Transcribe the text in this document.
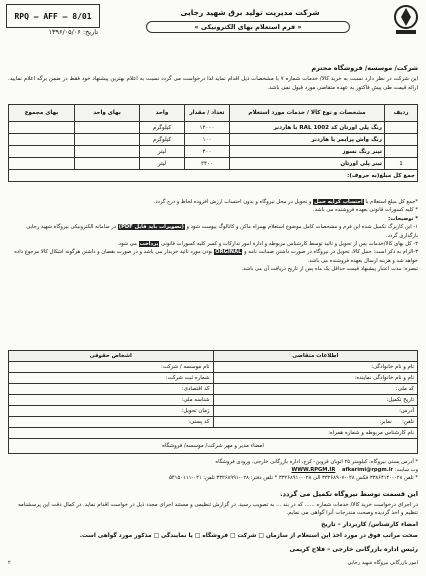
RPQ – AFF – 8/01
تاریخ: ۱۳۹۶/۰۵/۰۶
شرکت مدیریت تولید برق شهید رجایی
« فرم استعلام بهای الکترونیکی »
شرکت/ موسسه/ فروشگاه محترم
این شرکت در نظر دارد نسبت به خرید کالا/ خدمات شماره ۷ با مشخصات ذیل اقدام نماید لذا درخواست می گردد نسبت به اعلام بهترین پیشنهاد خود فقط در ضمن برگه اعلام نمایید. ارائه قیمت طی پیش فاکتور به عهده متقاضی مورد قبول نمی باشد.
ردیف	مشخصات و نوع کالا / خدمات مورد استعلام	تعداد / مقدار	واحد	بهای واحد	بهای مجموع
	رنگ پلی اورتان کد RAL 1002 با هاردنر	۱۴۰۰۰	کیلوگرم		
	رنگ واش پرایمر با هاردنر	۱۰۰	کیلوگرم		
	تینر رنگ نسوز	۴۰۰	لیتر		
1	تینر پلی اورتان	۳۴۰۰	لیتر		
جمع کل مبلغ(به حروف):					
*جمع کل مبلغ استعلام با احتساب کرایه حمل و تحویل در محل نیروگاه و بدون احتساب ارزش افزوده لحاظ و درج گردد.
* کلیه کسورات قانونی بعهده فروشنده می باشد.
* توضیحات:
۱- این کاربرگ تکمیل شده این فرم و مشخصات کامل موضوع استعلام بهمراه ماکن و کاتالوگ پیوست شود و (تصویرات باید فایل PDF) در سامانه الکترونیکی نیروگاه شهید رجایی بارگذاری گردد.
۲- کل بهای کالا/خدمات پس از تحویل و تائید توسط کارشناس مربوطه و اداره امور تدارکات و کسر کلیه کسورات قانونی پرداخت می شود.
۳-الزام به ذکر است: حمل کالا، تحویل در نیروگاه در صورت داشتن ضمانت نامه و ORGINAL بودن مورد تائید خریدار می باشد و در صورت نقصان و داشتن هرگونه اشکال کالا مرجوع داده خواهد شد و هزینه ارسال بعهده فروشنده می باشد.
تبصره: مدت اعتبار پیشنهاد قیمت حداقل یک ماه پس از تاریخ دریافت آن می باشد.
اطلاعات متقاضی	اشخاص حقوقی
نام و نام خانوادگی:	نام موسسه / شرکت:
نام و نام خانوادگی نماینده:	شماره ثبت شرکت:
کد ملی:	کد اقتصادی:
تاریخ تکمیل:	شناسه ملی:
آدرس:	زمان تحویل:
تلفن:      نمابر:	کد پستی:
نام کارشناس مربوطه و شماره همراه:	
امضاء مدیر و مهر شرکت/ موسسه/ فروشگاه	
* آدرس پستی نیروگاه: کیلومتر ۲۵ اتوبان قزوین- کرج، اداره بازرگانی خارجی، ورودی فروشگاه
وب سایت: WWW.RPGM.IR afkarimi@rpgm.ir
* تلفن ۰۲۸-۳۳۸۶۴۱۴۰ فکس ۰۲۸-۳۳۲۶۸۹۰۷ الی ۰۲۸-۳۳۲۶۸۹۱۰ * تلفن دفتر: ۰۲۸-۳۳۲۶۸۹۹۱ تلفن: ۰۲۱-۵۴۱۵۰۱۱۱
این قسمت توسط نیروگاه تکمیل می گردد.
در اجرای درخواست خرید کالا/ خدمات شماره ...... که در بند ... به تصویب رسید. در گزارش تنظیمی و مستند اجرای مجدد ذیل در خواست اقدام نماید. در کمال دقت این پرسشنامه تنظیم و اخذ گردیده وصحت مندرجات آنرا گواهی می نمایم.
امضاء کارشناس/ کاربردار – تاریخ
صحت مراتب فوق در مورد اخذ این استعلام از سازمان □ شرکت □ فروشگاه □ یا نمایندگی □ مذکور مورد گواهی است.
رئیس اداره بازرگانی خارجی – فلاح کریمی
امور بازرگانی نیروگاه شهید رجایی
۲
